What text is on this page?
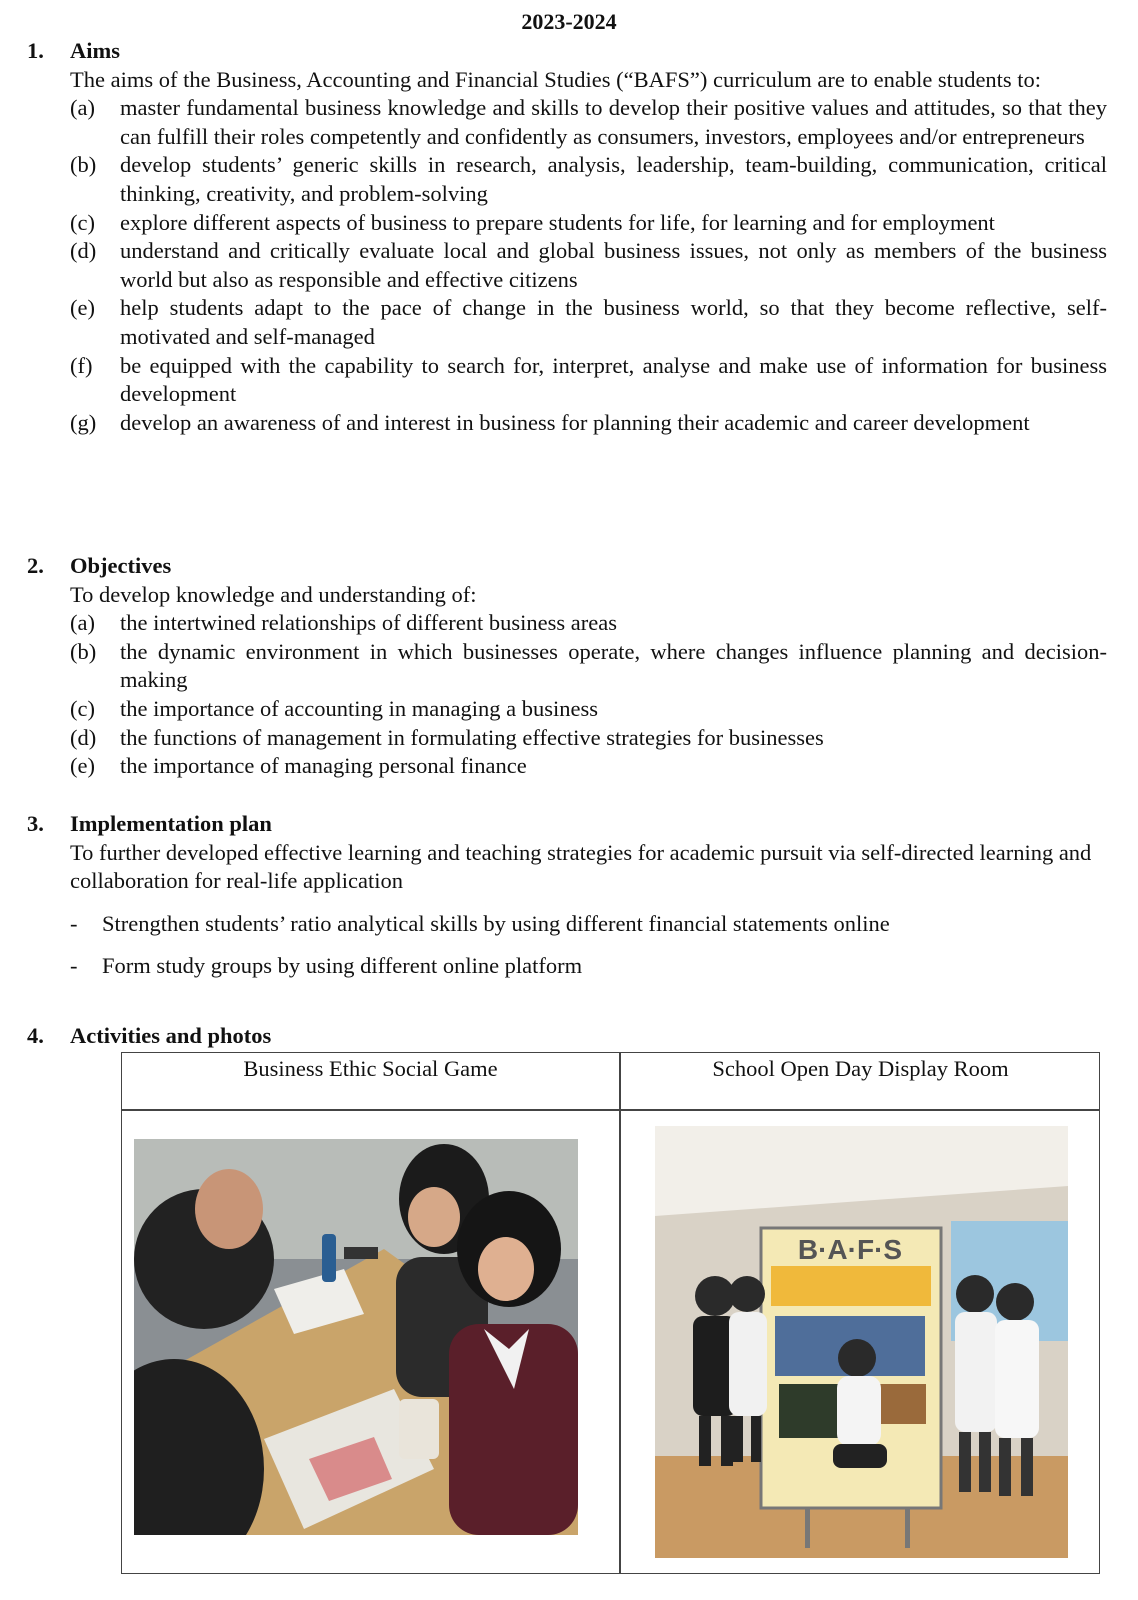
2023-2024
1.	Aims
The aims of the Business, Accounting and Financial Studies (“BAFS”) curriculum are to enable students to:
(a)	master fundamental business knowledge and skills to develop their positive values and attitudes, so that they can fulfill their roles competently and confidently as consumers, investors, employees and/or entrepreneurs
(b)	develop students’ generic skills in research, analysis, leadership, team-building, communication, critical thinking, creativity, and problem-solving
(c)	explore different aspects of business to prepare students for life, for learning and for employment
(d)	understand and critically evaluate local and global business issues, not only as members of the business world but also as responsible and effective citizens
(e)	help students adapt to the pace of change in the business world, so that they become reflective, self-motivated and self-managed
(f)	be equipped with the capability to search for, interpret, analyse and make use of information for business development
(g)	develop an awareness of and interest in business for planning their academic and career development
2.	Objectives
To develop knowledge and understanding of:
(a)	the intertwined relationships of different business areas
(b)	the dynamic environment in which businesses operate, where changes influence planning and decision-making
(c)	the importance of accounting in managing a business
(d)	the functions of management in formulating effective strategies for businesses
(e)	the importance of managing personal finance
3.	Implementation plan
To further developed effective learning and teaching strategies for academic pursuit via self-directed learning and collaboration for real-life application
-	Strengthen students’ ratio analytical skills by using different financial statements online
-	Form study groups by using different online platform
4.	Activities and photos
Business Ethic Social Game	School Open Day Display Room
B·A·F·S
